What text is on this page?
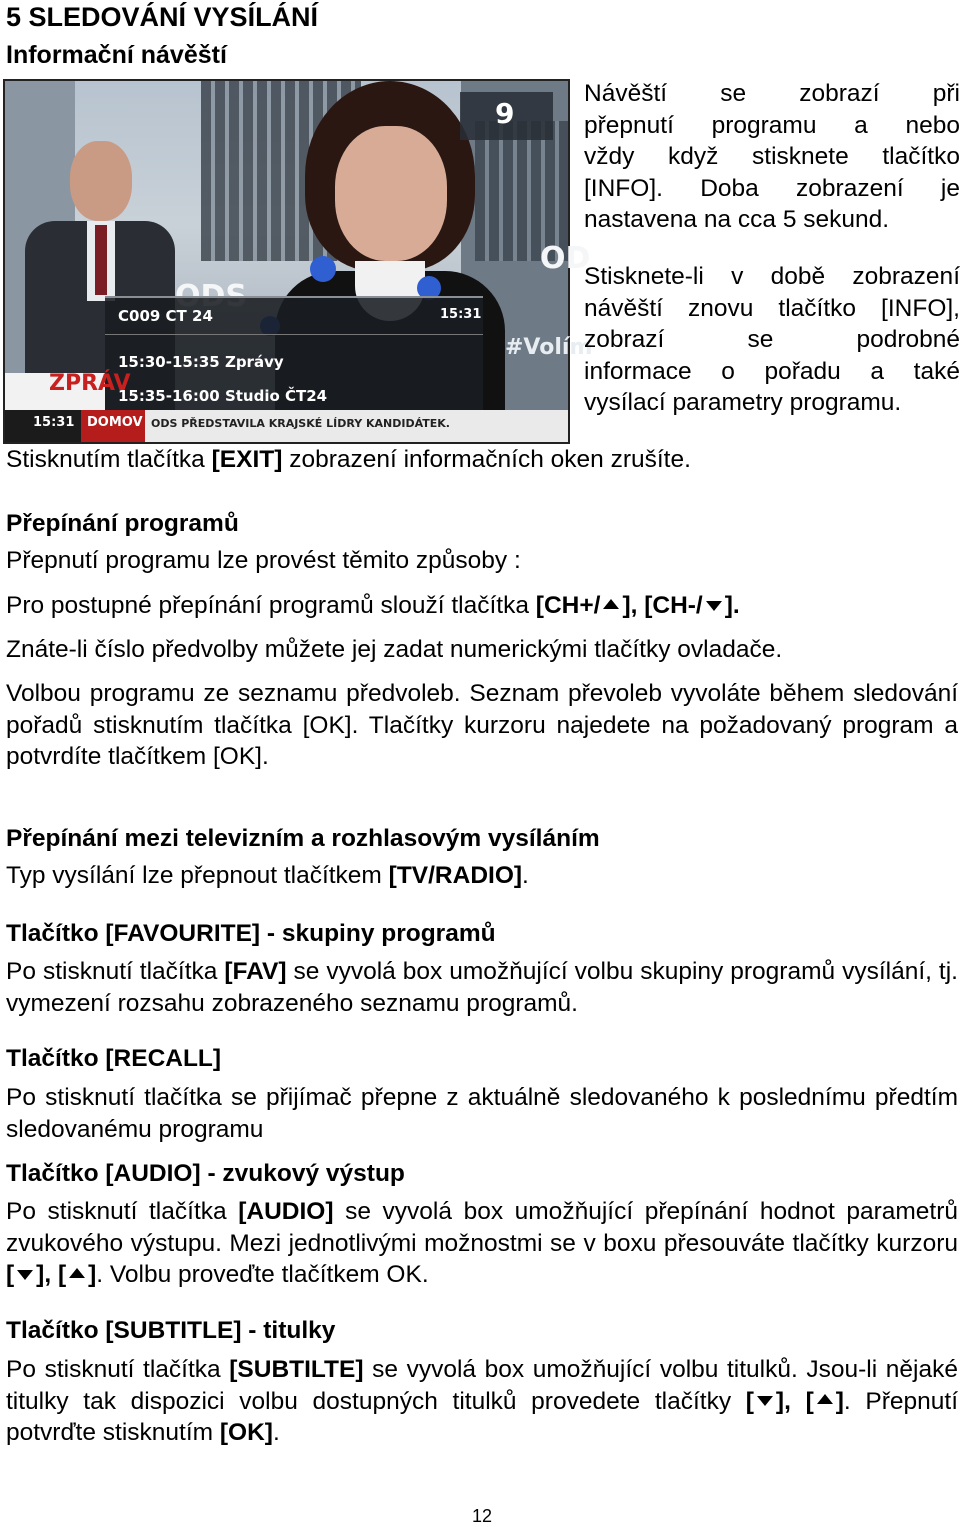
5 SLEDOVÁNÍ VYSÍLÁNÍ
Informační návěští
OD
#Volím
9
C009 CT 24	15:31
15:30-15:35 Zprávy
15:35-16:00 Studio ČT24
ZPRÁV
15:31 DOMOV ODS PŘEDSTAVILA KRAJSKÉ LÍDRY KANDIDÁTEK.
Návěští se zobrazí při
přepnutí programu a nebo
vždy když stisknete tlačítko
[INFO]. Doba zobrazení je
nastavena na cca 5 sekund.
Stisknete-li v době zobrazení
návěští znovu tlačítko [INFO],
zobrazí se podrobné
informace o pořadu a také
vysílací parametry programu.
Stisknutím tlačítka [EXIT] zobrazení informačních oken zrušíte.
Přepínání programů
Přepnutí programu lze provést těmito způsoby :
Pro postupné přepínání programů slouží tlačítka [CH+/ ], [CH-/ ].
Znáte-li číslo předvolby můžete jej zadat numerickými tlačítky ovladače.
Volbou programu ze seznamu předvoleb. Seznam převoleb vyvoláte během sledování pořadů stisknutím tlačítka [OK]. Tlačítky kurzoru najedete na požadovaný program a potvrdíte tlačítkem [OK].
Přepínání mezi televizním a rozhlasovým vysíláním
Typ vysílání lze přepnout tlačítkem [TV/RADIO].
Tlačítko [FAVOURITE] - skupiny programů
Po stisknutí tlačítka [FAV] se vyvolá box umožňující volbu skupiny programů vysílání, tj. vymezení rozsahu zobrazeného seznamu programů.
Tlačítko [RECALL]
Po stisknutí tlačítka se přijímač přepne z aktuálně sledovaného k poslednímu předtím sledovanému programu
Tlačítko [AUDIO] - zvukový výstup
Po stisknutí tlačítka [AUDIO] se vyvolá box umožňující přepínání hodnot parametrů zvukového výstupu. Mezi jednotlivými možnostmi se v boxu přesouváte tlačítky kurzoru [ ], [ ]. Volbu proveďte tlačítkem OK.
Tlačítko [SUBTITLE] - titulky
Po stisknutí tlačítka [SUBTILTE] se vyvolá box umožňující volbu titulků. Jsou-li nějaké titulky tak dispozici volbu dostupných titulků provedete tlačítky [ ], [ ]. Přepnutí potvrďte stisknutím [OK].
12
